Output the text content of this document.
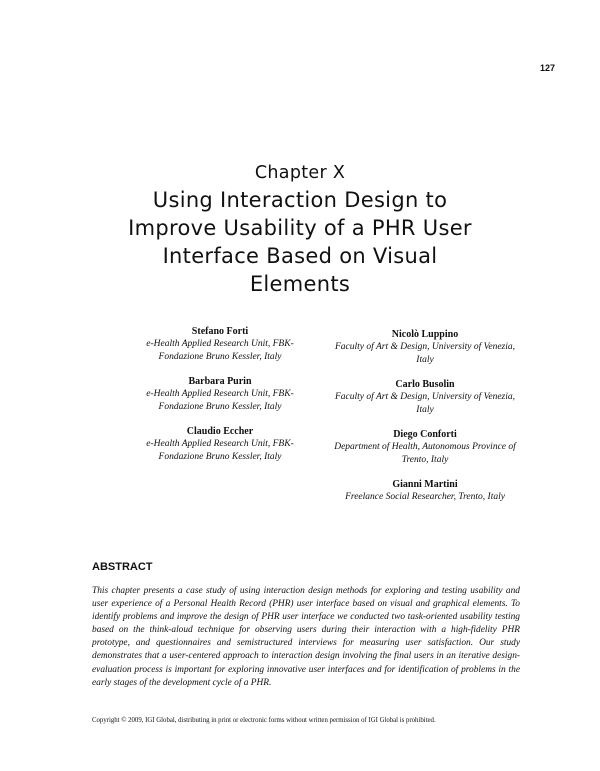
127
Chapter X
Using Interaction Design to
Improve Usability of a PHR User
Interface Based on Visual
Elements
Stefano Forti
e-Health Applied Research Unit, FBK-
Fondazione Bruno Kessler, Italy
Barbara Purin
e-Health Applied Research Unit, FBK-
Fondazione Bruno Kessler, Italy
Claudio Eccher
e-Health Applied Research Unit, FBK-
Fondazione Bruno Kessler, Italy
Nicolò Luppino
Faculty of Art & Design, University of Venezia,
Italy
Carlo Busolin
Faculty of Art & Design, University of Venezia,
Italy
Diego Conforti
Department of Health, Autonomous Province of
Trento, Italy
Gianni Martini
Freelance Social Researcher, Trento, Italy
ABSTRACT
This chapter presents a case study of using interaction design methods for exploring and testing usability and user experience of a Personal Health Record (PHR) user interface based on visual and graphical elements. To identify problems and improve the design of PHR user interface we conducted two task-oriented usability testing based on the think-aloud technique for observing users during their interaction with a high-fidelity PHR prototype, and questionnaires and semistructured interviews for measuring user satisfaction. Our study demonstrates that a user-centered approach to interaction design involving the final users in an iterative design-evaluation process is important for exploring innovative user interfaces and for identification of problems in the early stages of the development cycle of a PHR.
Copyright © 2009, IGI Global, distributing in print or electronic forms without written permission of IGI Global is prohibited.
